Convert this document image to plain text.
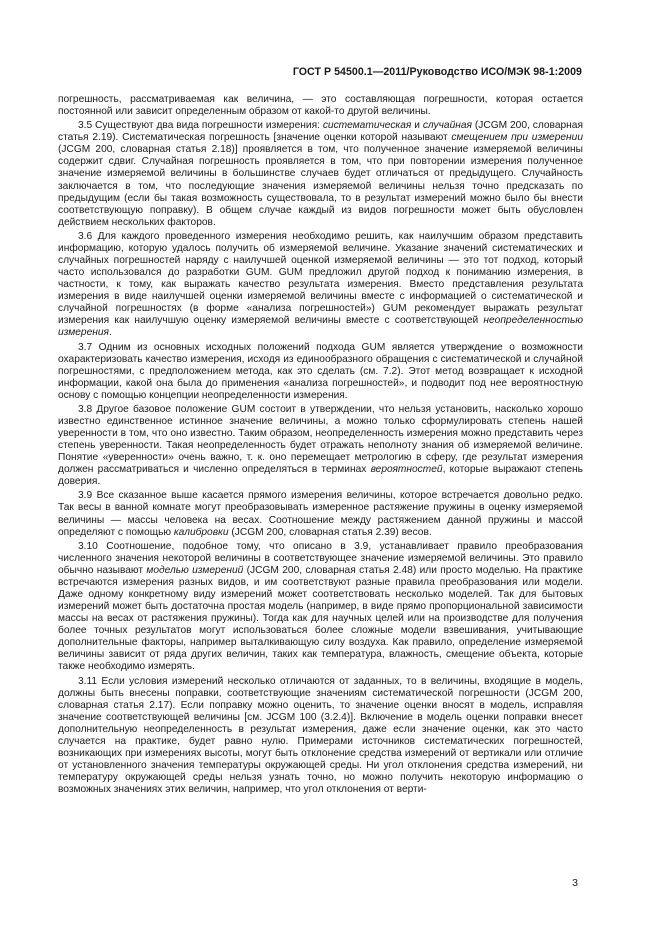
ГОСТ Р 54500.1—2011/Руководство ИСО/МЭК 98-1:2009

погрешность, рассматриваемая как величина, — это составляющая погрешности, которая остается постоянной или зависит определенным образом от какой-то другой величины.

3.5 Существуют два вида погрешности измерения: систематическая и случайная (JCGM 200, словарная статья 2.19). Систематическая погрешность [значение оценки которой называют смещением при измерении (JCGM 200, словарная статья 2.18)] проявляется в том, что полученное значение измеряемой величины содержит сдвиг. Случайная погрешность проявляется в том, что при повторении измерения полученное значение измеряемой величины в большинстве случаев будет отличаться от предыдущего. Случайность заключается в том, что последующие значения измеряемой величины нельзя точно предсказать по предыдущим (если бы такая возможность существовала, то в результат измерений можно было бы внести соответствующую поправку). В общем случае каждый из видов погрешности может быть обусловлен действием нескольких факторов.

3.6 Для каждого проведенного измерения необходимо решить, как наилучшим образом представить информацию, которую удалось получить об измеряемой величине. Указание значений систематических и случайных погрешностей наряду с наилучшей оценкой измеряемой величины — это тот подход, который часто использовался до разработки GUM. GUM предложил другой подход к пониманию измерения, в частности, к тому, как выражать качество результата измерения. Вместо представления результата измерения в виде наилучшей оценки измеряемой величины вместе с информацией о систематической и случайной погрешностях (в форме «анализа погрешностей») GUM рекомендует выражать результат измерения как наилучшую оценку измеряемой величины вместе с соответствующей неопределенностью измерения.

3.7 Одним из основных исходных положений подхода GUM является утверждение о возможности охарактеризовать качество измерения, исходя из единообразного обращения с систематической и случайной погрешностями, с предположением метода, как это сделать (см. 7.2). Этот метод возвращает к исходной информации, какой она была до применения «анализа погрешностей», и подводит под нее вероятностную основу с помощью концепции неопределенности измерения.

3.8 Другое базовое положение GUM состоит в утверждении, что нельзя установить, насколько хорошо известно единственное истинное значение величины, а можно только сформулировать степень нашей уверенности в том, что оно известно. Таким образом, неопределенность измерения можно представить через степень уверенности. Такая неопределенность будет отражать неполноту знания об измеряемой величине. Понятие «уверенности» очень важно, т. к. оно перемещает метрологию в сферу, где результат измерения должен рассматриваться и численно определяться в терминах вероятностей, которые выражают степень доверия.

3.9 Все сказанное выше касается прямого измерения величины, которое встречается довольно редко. Так весы в ванной комнате могут преобразовывать измеренное растяжение пружины в оценку измеряемой величины — массы человека на весах. Соотношение между растяжением данной пружины и массой определяют с помощью калибровки (JCGM 200, словарная статья 2.39) весов.

3.10 Соотношение, подобное тому, что описано в 3.9, устанавливает правило преобразования численного значения некоторой величины в соответствующее значение измеряемой величины. Это правило обычно называют моделью измерений (JCGM 200, словарная статья 2.48) или просто моделью. На практике встречаются измерения разных видов, и им соответствуют разные правила преобразования или модели. Даже одному конкретному виду измерений может соответствовать несколько моделей. Так для бытовых измерений может быть достаточна простая модель (например, в виде прямо пропорциональной зависимости массы на весах от растяжения пружины). Тогда как для научных целей или на производстве для получения более точных результатов могут использоваться более сложные модели взвешивания, учитывающие дополнительные факторы, например выталкивающую силу воздуха. Как правило, определение измеряемой величины зависит от ряда других величин, таких как температура, влажность, смещение объекта, которые также необходимо измерять.

3.11 Если условия измерений несколько отличаются от заданных, то в величины, входящие в модель, должны быть внесены поправки, соответствующие значениям систематической погрешности (JCGM 200, словарная статья 2.17). Если поправку можно оценить, то значение оценки вносят в модель, исправляя значение соответствующей величины [см. JCGM 100 (3.2.4)]. Включение в модель оценки поправки внесет дополнительную неопределенность в результат измерения, даже если значение оценки, как это часто случается на практике, будет равно нулю. Примерами источников систематических погрешностей, возникающих при измерениях высоты, могут быть отклонение средства измерений от вертикали или отличие от установленного значения температуры окружающей среды. Ни угол отклонения средства измерений, ни температуру окружающей среды нельзя узнать точно, но можно получить некоторую информацию о возможных значениях этих величин, например, что угол отклонения от верти-

3
